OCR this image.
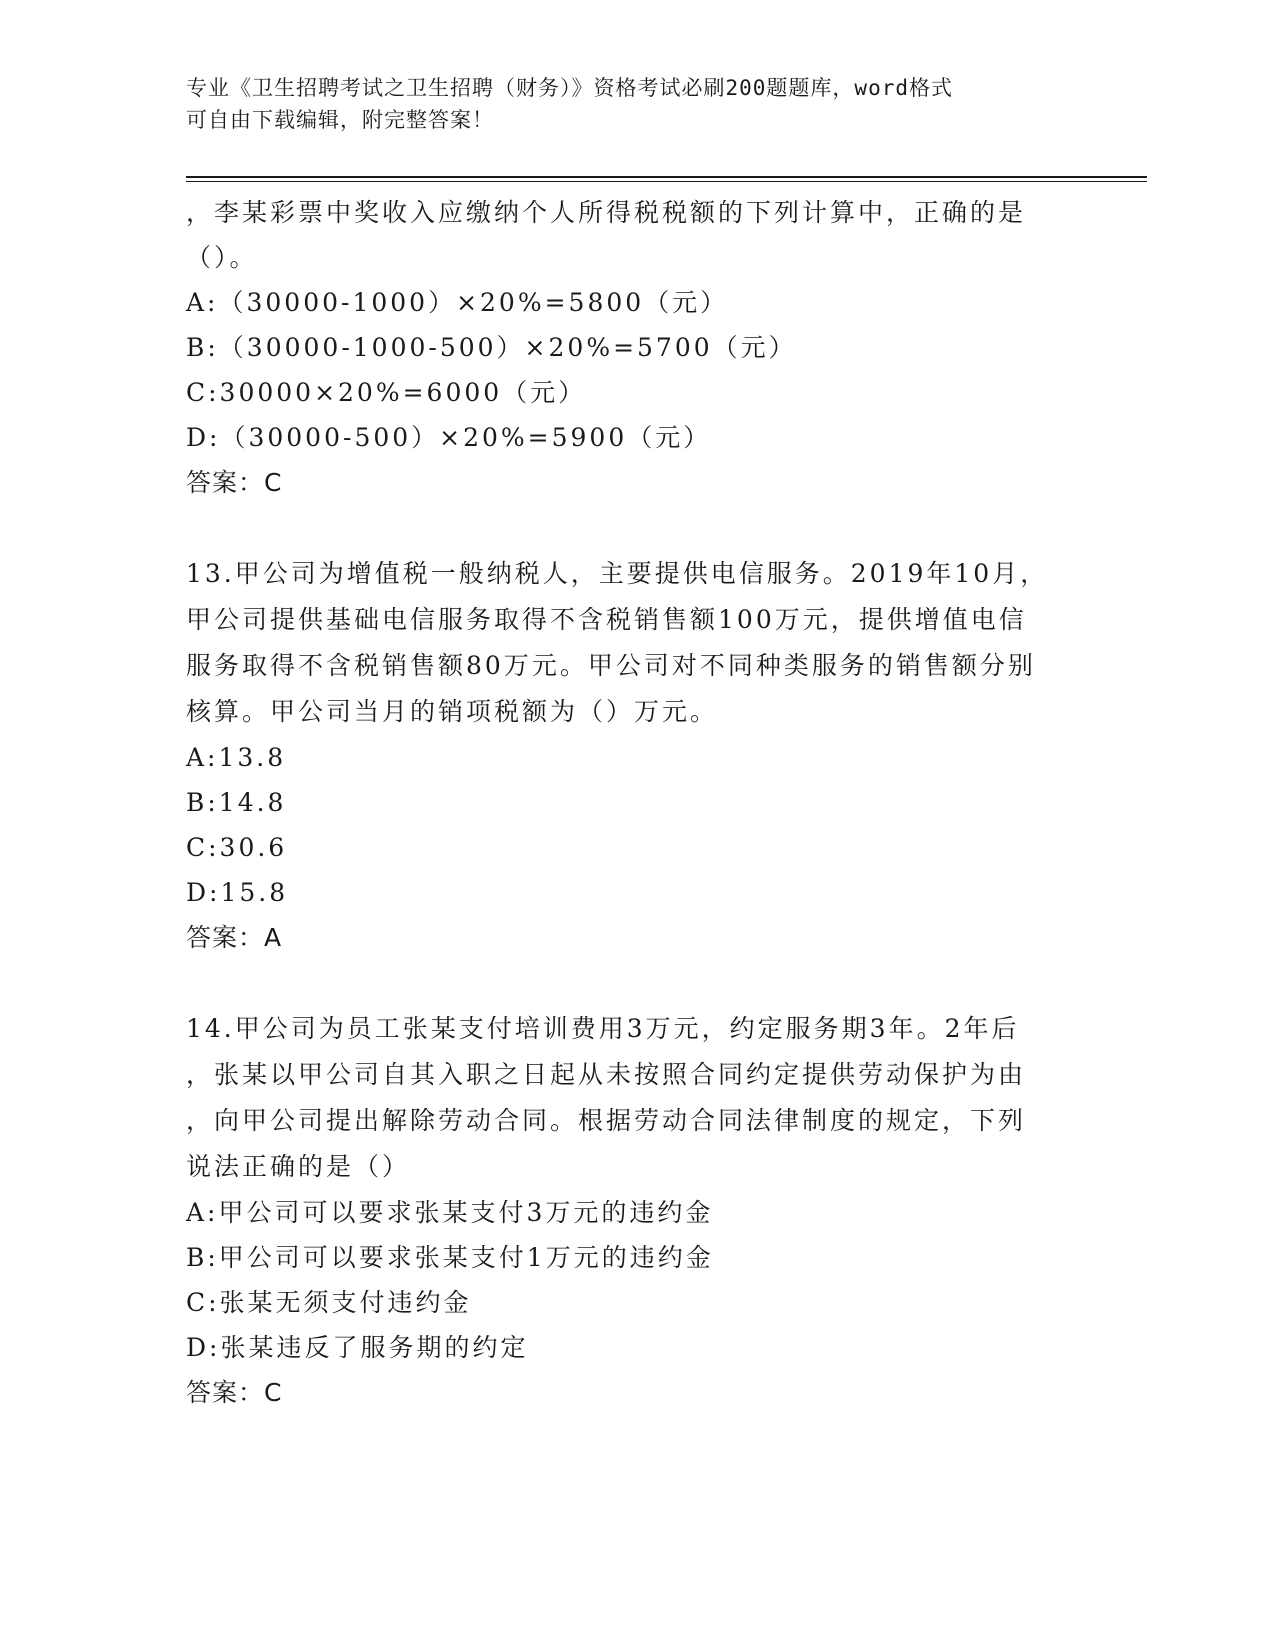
专业《卫生招聘考试之卫生招聘（财务）》资格考试必刷200题题库，word格式
可自由下载编辑，附完整答案！
，李某彩票中奖收入应缴纳个人所得税税额的下列计算中，正确的是
（）。
A:（30000-1000）×20%=5800（元）
B:（30000-1000-500）×20%=5700（元）
C:30000×20%=6000（元）
D:（30000-500）×20%=5900（元）
答案：C
13.甲公司为增值税一般纳税人，主要提供电信服务。2019年10月，
甲公司提供基础电信服务取得不含税销售额100万元，提供增值电信
服务取得不含税销售额80万元。甲公司对不同种类服务的销售额分别
核算。甲公司当月的销项税额为（）万元。
A:13.8
B:14.8
C:30.6
D:15.8
答案：A
14.甲公司为员工张某支付培训费用3万元，约定服务期3年。2年后
，张某以甲公司自其入职之日起从未按照合同约定提供劳动保护为由
，向甲公司提出解除劳动合同。根据劳动合同法律制度的规定，下列
说法正确的是（）
A:甲公司可以要求张某支付3万元的违约金
B:甲公司可以要求张某支付1万元的违约金
C:张某无须支付违约金
D:张某违反了服务期的约定
答案：C
